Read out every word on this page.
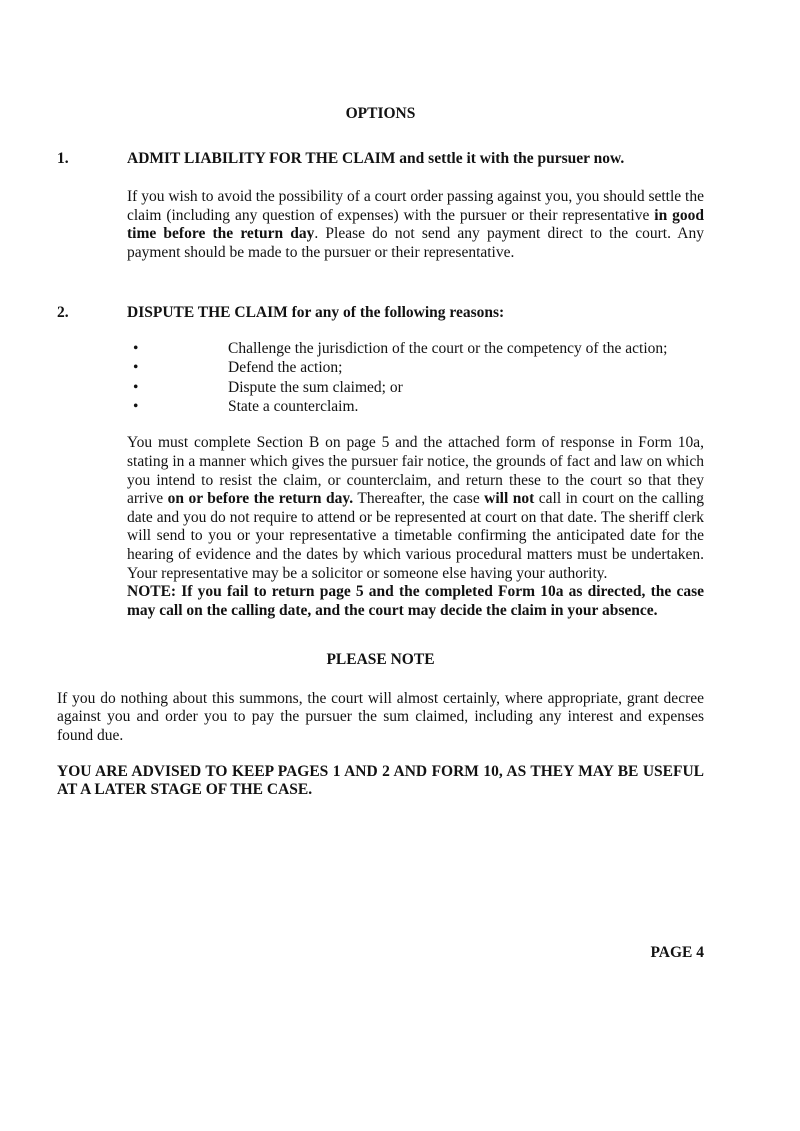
OPTIONS
1.	ADMIT LIABILITY FOR THE CLAIM and settle it with the pursuer now.

If you wish to avoid the possibility of a court order passing against you, you should settle the claim (including any question of expenses) with the pursuer or their representative in good time before the return day. Please do not send any payment direct to the court. Any payment should be made to the pursuer or their representative.

2.	DISPUTE THE CLAIM for any of the following reasons:
•	Challenge the jurisdiction of the court or the competency of the action;
•	Defend the action;
•	Dispute the sum claimed; or
•	State a counterclaim.

You must complete Section B on page 5 and the attached form of response in Form 10a, stating in a manner which gives the pursuer fair notice, the grounds of fact and law on which you intend to resist the claim, or counterclaim, and return these to the court so that they arrive on or before the return day. Thereafter, the case will not call in court on the calling date and you do not require to attend or be represented at court on that date. The sheriff clerk will send to you or your representative a timetable confirming the anticipated date for the hearing of evidence and the dates by which various procedural matters must be undertaken. Your representative may be a solicitor or someone else having your authority.

NOTE: If you fail to return page 5 and the completed Form 10a as directed, the case may call on the calling date, and the court may decide the claim in your absence.

PLEASE NOTE

If you do nothing about this summons, the court will almost certainly, where appropriate, grant decree against you and order you to pay the pursuer the sum claimed, including any interest and expenses found due.

YOU ARE ADVISED TO KEEP PAGES 1 AND 2 AND FORM 10, AS THEY MAY BE USEFUL AT A LATER STAGE OF THE CASE.

PAGE 4
